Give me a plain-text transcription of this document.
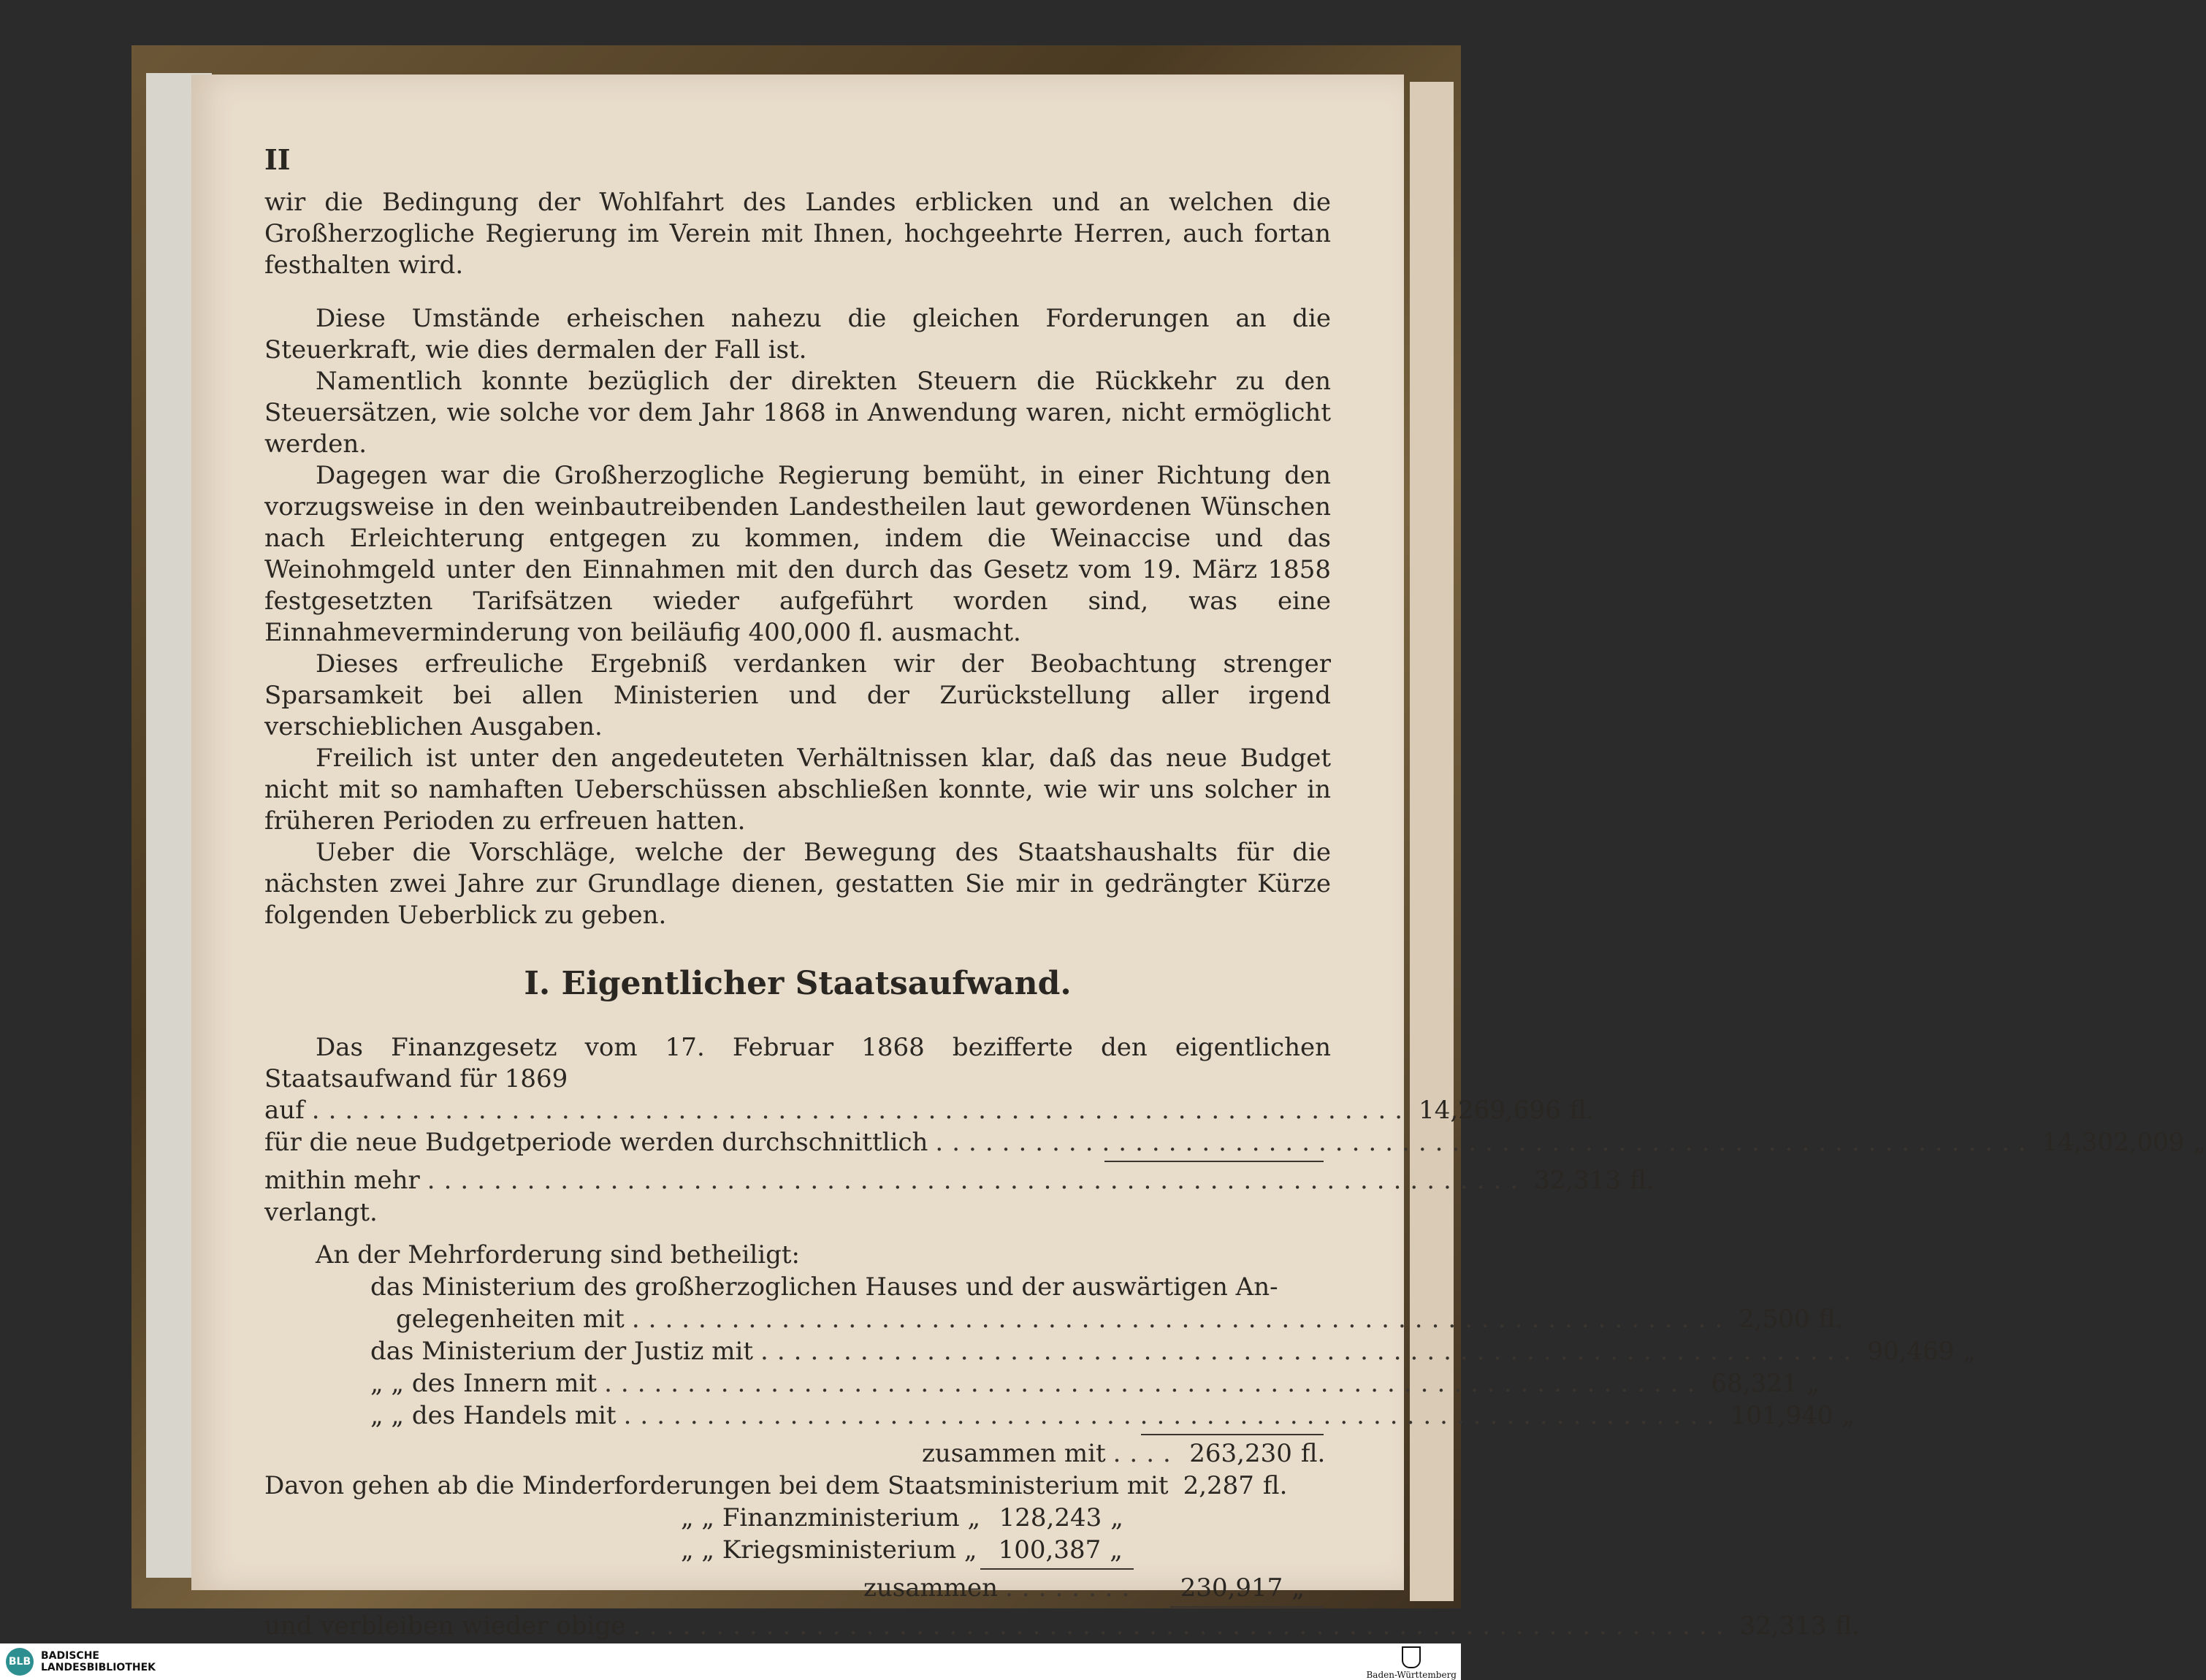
II

wir die Bedingung der Wohlfahrt des Landes erblicken und an welchen die Großherzogliche Regierung im Verein mit Ihnen, hochgeehrte Herren, auch fortan festhalten wird.

Diese Umstände erheischen nahezu die gleichen Forderungen an die Steuerkraft, wie dies dermalen der Fall ist.

Namentlich konnte bezüglich der direkten Steuern die Rückkehr zu den Steuersätzen, wie solche vor dem Jahr 1868 in Anwendung waren, nicht ermöglicht werden.

Dagegen war die Großherzogliche Regierung bemüht, in einer Richtung den vorzugsweise in den weinbautreibenden Landestheilen laut gewordenen Wünschen nach Erleichterung entgegen zu kommen, indem die Weinaccise und das Weinohmgeld unter den Einnahmen mit den durch das Gesetz vom 19. März 1858 festgesetzten Tarifsätzen wieder aufgeführt worden sind, was eine Einnahmeverminderung von beiläufig 400,000 fl. ausmacht.

Dieses erfreuliche Ergebniß verdanken wir der Beobachtung strenger Sparsamkeit bei allen Ministerien und der Zurückstellung aller irgend verschieblichen Ausgaben.

Freilich ist unter den angedeuteten Verhältnissen klar, daß das neue Budget nicht mit so namhaften Ueberschüssen abschließen konnte, wie wir uns solcher in früheren Perioden zu erfreuen hatten.

Ueber die Vorschläge, welche der Bewegung des Staatshaushalts für die nächsten zwei Jahre zur Grundlage dienen, gestatten Sie mir in gedrängter Kürze folgenden Ueberblick zu geben.

I. Eigentlicher Staatsaufwand.

Das Finanzgesetz vom 17. Februar 1868 bezifferte den eigentlichen Staatsaufwand für 1869

auf .................................................................. 14,269,696 fl.
für die neue Budgetperiode werden durchschnittlich .................................................................. 14,302,009 „
mithin mehr .................................................................. 32,313 fl.
verlangt.
An der Mehrforderung sind betheiligt:
das Ministerium des großherzoglichen Hauses und der auswärtigen An-
gelegenheiten mit .................................................................. 2,500 fl.
das Ministerium der Justiz mit .................................................................. 90,469 „
„ „ des Innern mit .................................................................. 68,321 „
„ „ des Handels mit .................................................................. 101,940 „
zusammen mit .... 263,230 fl.
Davon gehen ab die Minderforderungen bei dem Staatsministerium mit 2,287 fl.
„ „ Finanzministerium „ 128,243 „
„ „ Kriegsministerium „ 100,387 „
zusammen ........	230,917 „
und verbleiben wieder obige .................................................................. 32,313 fl.
BLB BADISCHE
LANDESBIBLIOTHEK
Baden-Württemberg
